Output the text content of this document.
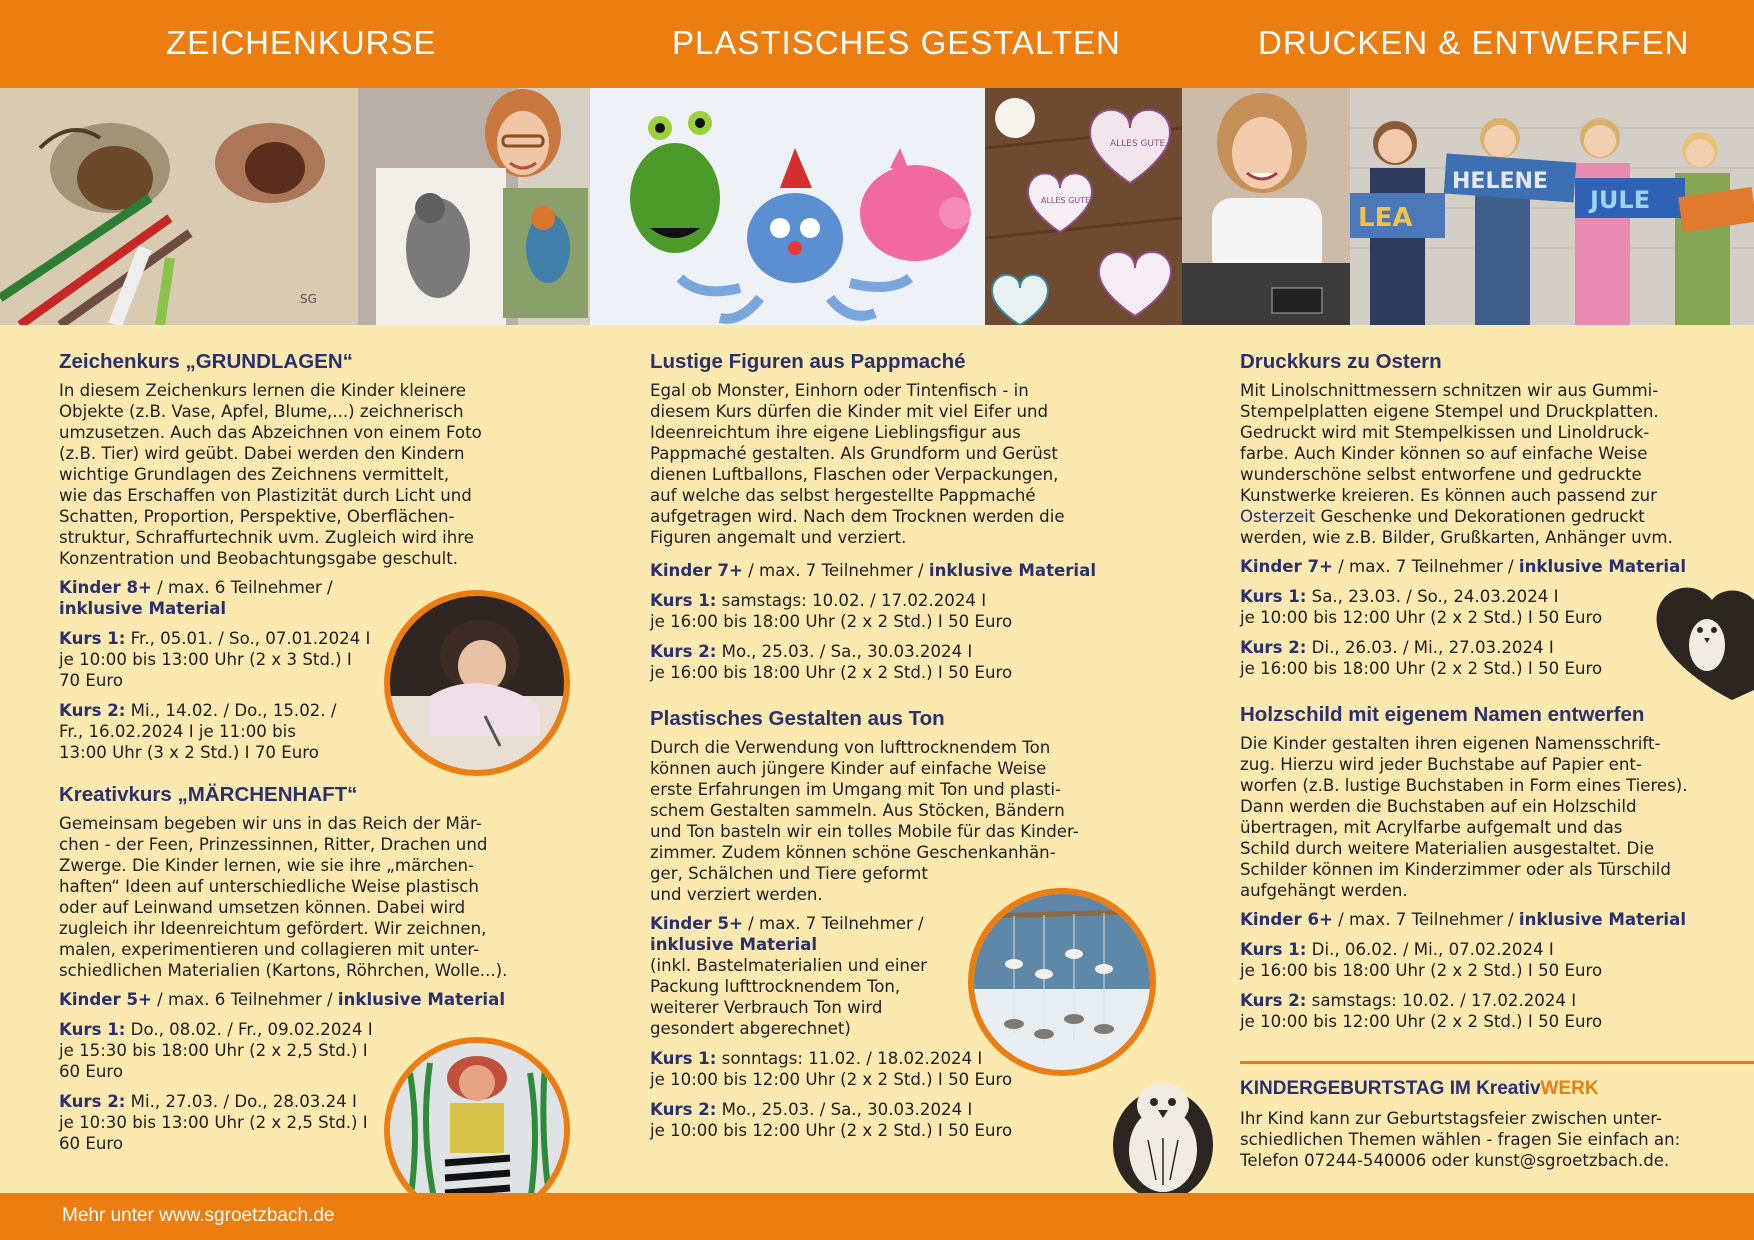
ZEICHENKURSE	PLASTISCHES GESTALTEN	DRUCKEN & ENTWERFEN
SG
ALLES GUTE
ALLES GUTE
LEA
HELENE
JULE
Zeichenkurs „GRUNDLAGEN“
In diesem Zeichenkurs lernen die Kinder kleinere
Objekte (z.B. Vase, Apfel, Blume,...) zeichnerisch
umzusetzen. Auch das Abzeichnen von einem Foto
(z.B. Tier) wird geübt. Dabei werden den Kindern
wichtige Grundlagen des Zeichnens vermittelt,
wie das Erschaffen von Plastizität durch Licht und
Schatten, Proportion, Perspektive, Oberflächen-
struktur, Schraffurtechnik uvm. Zugleich wird ihre
Konzentration und Beobachtungsgabe geschult.
Kinder 8+ / max. 6 Teilnehmer /
inklusive Material
Kurs 1: Fr., 05.01. / So., 07.01.2024 I
je 10:00 bis 13:00 Uhr (2 x 3 Std.) I
70 Euro
Kurs 2: Mi., 14.02. / Do., 15.02. /
Fr., 16.02.2024 I je 11:00 bis
13:00 Uhr (3 x 2 Std.) I 70 Euro
Kreativkurs „MÄRCHENHAFT“
Gemeinsam begeben wir uns in das Reich der Mär-
chen - der Feen, Prinzessinnen, Ritter, Drachen und
Zwerge. Die Kinder lernen, wie sie ihre „märchen-
haften“ Ideen auf unterschiedliche Weise plastisch
oder auf Leinwand umsetzen können. Dabei wird
zugleich ihr Ideenreichtum gefördert. Wir zeichnen,
malen, experimentieren und collagieren mit unter-
schiedlichen Materialien (Kartons, Röhrchen, Wolle...).
Kinder 5+ / max. 6 Teilnehmer / inklusive Material
Kurs 1: Do., 08.02. / Fr., 09.02.2024 I
je 15:30 bis 18:00 Uhr (2 x 2,5 Std.) I
60 Euro
Kurs 2: Mi., 27.03. / Do., 28.03.24 I
je 10:30 bis 13:00 Uhr (2 x 2,5 Std.) I
60 Euro
Lustige Figuren aus Pappmaché
Egal ob Monster, Einhorn oder Tintenfisch - in
diesem Kurs dürfen die Kinder mit viel Eifer und
Ideenreichtum ihre eigene Lieblingsfigur aus
Pappmaché gestalten. Als Grundform und Gerüst
dienen Luftballons, Flaschen oder Verpackungen,
auf welche das selbst hergestellte Pappmaché
aufgetragen wird. Nach dem Trocknen werden die
Figuren angemalt und verziert.
Kinder 7+ / max. 7 Teilnehmer / inklusive Material
Kurs 1: samstags: 10.02. / 17.02.2024 I
je 16:00 bis 18:00 Uhr (2 x 2 Std.) I 50 Euro
Kurs 2: Mo., 25.03. / Sa., 30.03.2024 I
je 16:00 bis 18:00 Uhr (2 x 2 Std.) I 50 Euro
Plastisches Gestalten aus Ton
Durch die Verwendung von lufttrocknendem Ton
können auch jüngere Kinder auf einfache Weise
erste Erfahrungen im Umgang mit Ton und plasti-
schem Gestalten sammeln. Aus Stöcken, Bändern
und Ton basteln wir ein tolles Mobile für das Kinder-
zimmer. Zudem können schöne Geschenkanhän-
ger, Schälchen und Tiere geformt
und verziert werden.
Kinder 5+ / max. 7 Teilnehmer /
inklusive Material
(inkl. Bastelmaterialien und einer
Packung lufttrocknendem Ton,
weiterer Verbrauch Ton wird
gesondert abgerechnet)
Kurs 1: sonntags: 11.02. / 18.02.2024 I
je 10:00 bis 12:00 Uhr (2 x 2 Std.) I 50 Euro
Kurs 2: Mo., 25.03. / Sa., 30.03.2024 I
je 10:00 bis 12:00 Uhr (2 x 2 Std.) I 50 Euro
Druckkurs zu Ostern
Mit Linolschnittmessern schnitzen wir aus Gummi-
Stempelplatten eigene Stempel und Druckplatten.
Gedruckt wird mit Stempelkissen und Linoldruck-
farbe. Auch Kinder können so auf einfache Weise
wunderschöne selbst entworfene und gedruckte
Kunstwerke kreieren. Es können auch passend zur
Osterzeit Geschenke und Dekorationen gedruckt
werden, wie z.B. Bilder, Grußkarten, Anhänger uvm.
Kinder 7+ / max. 7 Teilnehmer / inklusive Material
Kurs 1: Sa., 23.03. / So., 24.03.2024 I
je 10:00 bis 12:00 Uhr (2 x 2 Std.) I 50 Euro
Kurs 2: Di., 26.03. / Mi., 27.03.2024 I
je 16:00 bis 18:00 Uhr (2 x 2 Std.) I 50 Euro
Holzschild mit eigenem Namen entwerfen
Die Kinder gestalten ihren eigenen Namensschrift-
zug. Hierzu wird jeder Buchstabe auf Papier ent-
worfen (z.B. lustige Buchstaben in Form eines Tieres).
Dann werden die Buchstaben auf ein Holzschild
übertragen, mit Acrylfarbe aufgemalt und das
Schild durch weitere Materialien ausgestaltet. Die
Schilder können im Kinderzimmer oder als Türschild
aufgehängt werden.
Kinder 6+ / max. 7 Teilnehmer / inklusive Material
Kurs 1: Di., 06.02. / Mi., 07.02.2024 I
je 16:00 bis 18:00 Uhr (2 x 2 Std.) I 50 Euro
Kurs 2: samstags: 10.02. / 17.02.2024 I
je 10:00 bis 12:00 Uhr (2 x 2 Std.) I 50 Euro
KINDERGEBURTSTAG IM KreativWERK
Ihr Kind kann zur Geburtstagsfeier zwischen unter-
schiedlichen Themen wählen - fragen Sie einfach an:
Telefon 07244-540006 oder kunst@sgroetzbach.de.
Mehr unter www.sgroetzbach.de
